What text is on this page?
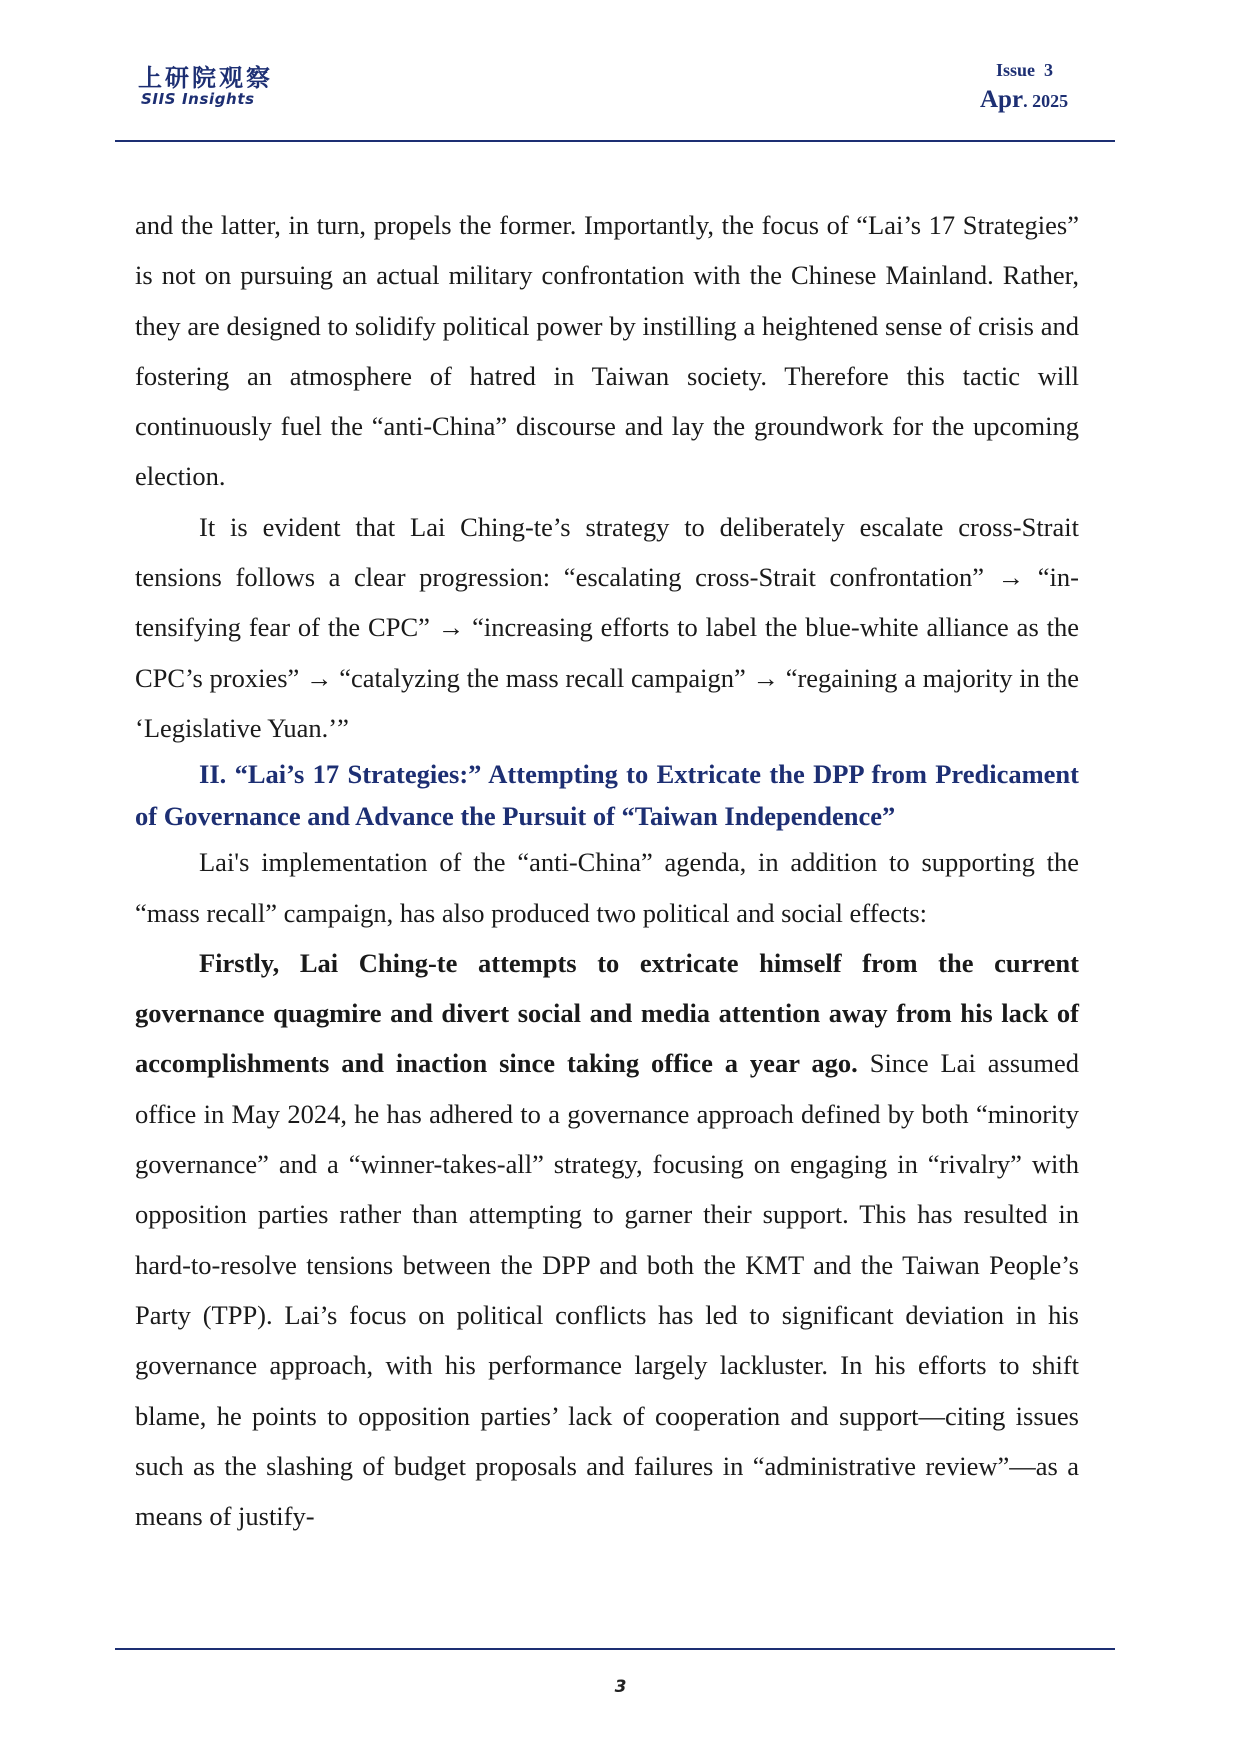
上研院观察
SIIS Insights
Issue  3
Apr. 2025

and the latter, in turn, propels the former. Importantly, the focus of “Lai’s 17 Strategies” is not on pursuing an actual military confrontation with the Chinese Mainland. Rather, they are designed to solidify political power by instilling a heightened sense of crisis and fostering an atmosphere of hatred in Taiwan society. Therefore this tactic will continuously fuel the “anti-China” discourse and lay the groundwork for the upcoming election.

It is evident that Lai Ching-te’s strategy to deliberately escalate cross-Strait tensions follows a clear progression: “escalating cross-Strait confrontation” → “intensifying fear of the CPC” → “increasing efforts to label the blue-white alliance as the CPC’s proxies” → “catalyzing the mass recall campaign” → “regaining a majority in the ‘Legislative Yuan.’”

II. “Lai’s 17 Strategies:” Attempting to Extricate the DPP from Predicament of Governance and Advance the Pursuit of “Taiwan Independence”

Lai's implementation of the “anti-China” agenda, in addition to supporting the “mass recall” campaign, has also produced two political and social effects:

Firstly, Lai Ching-te attempts to extricate himself from the current governance quagmire and divert social and media attention away from his lack of accomplishments and inaction since taking office a year ago. Since Lai assumed office in May 2024, he has adhered to a governance approach defined by both “minority governance” and a “winner-takes-all” strategy, focusing on engaging in “rivalry” with opposition parties rather than attempting to garner their support. This has resulted in hard-to-resolve tensions between the DPP and both the KMT and the Taiwan People’s Party (TPP). Lai’s focus on political conflicts has led to significant deviation in his governance approach, with his performance largely lackluster. In his efforts to shift blame, he points to opposition parties’ lack of cooperation and support—citing issues such as the slashing of budget proposals and failures in “administrative review”—as a means of justify-

3
